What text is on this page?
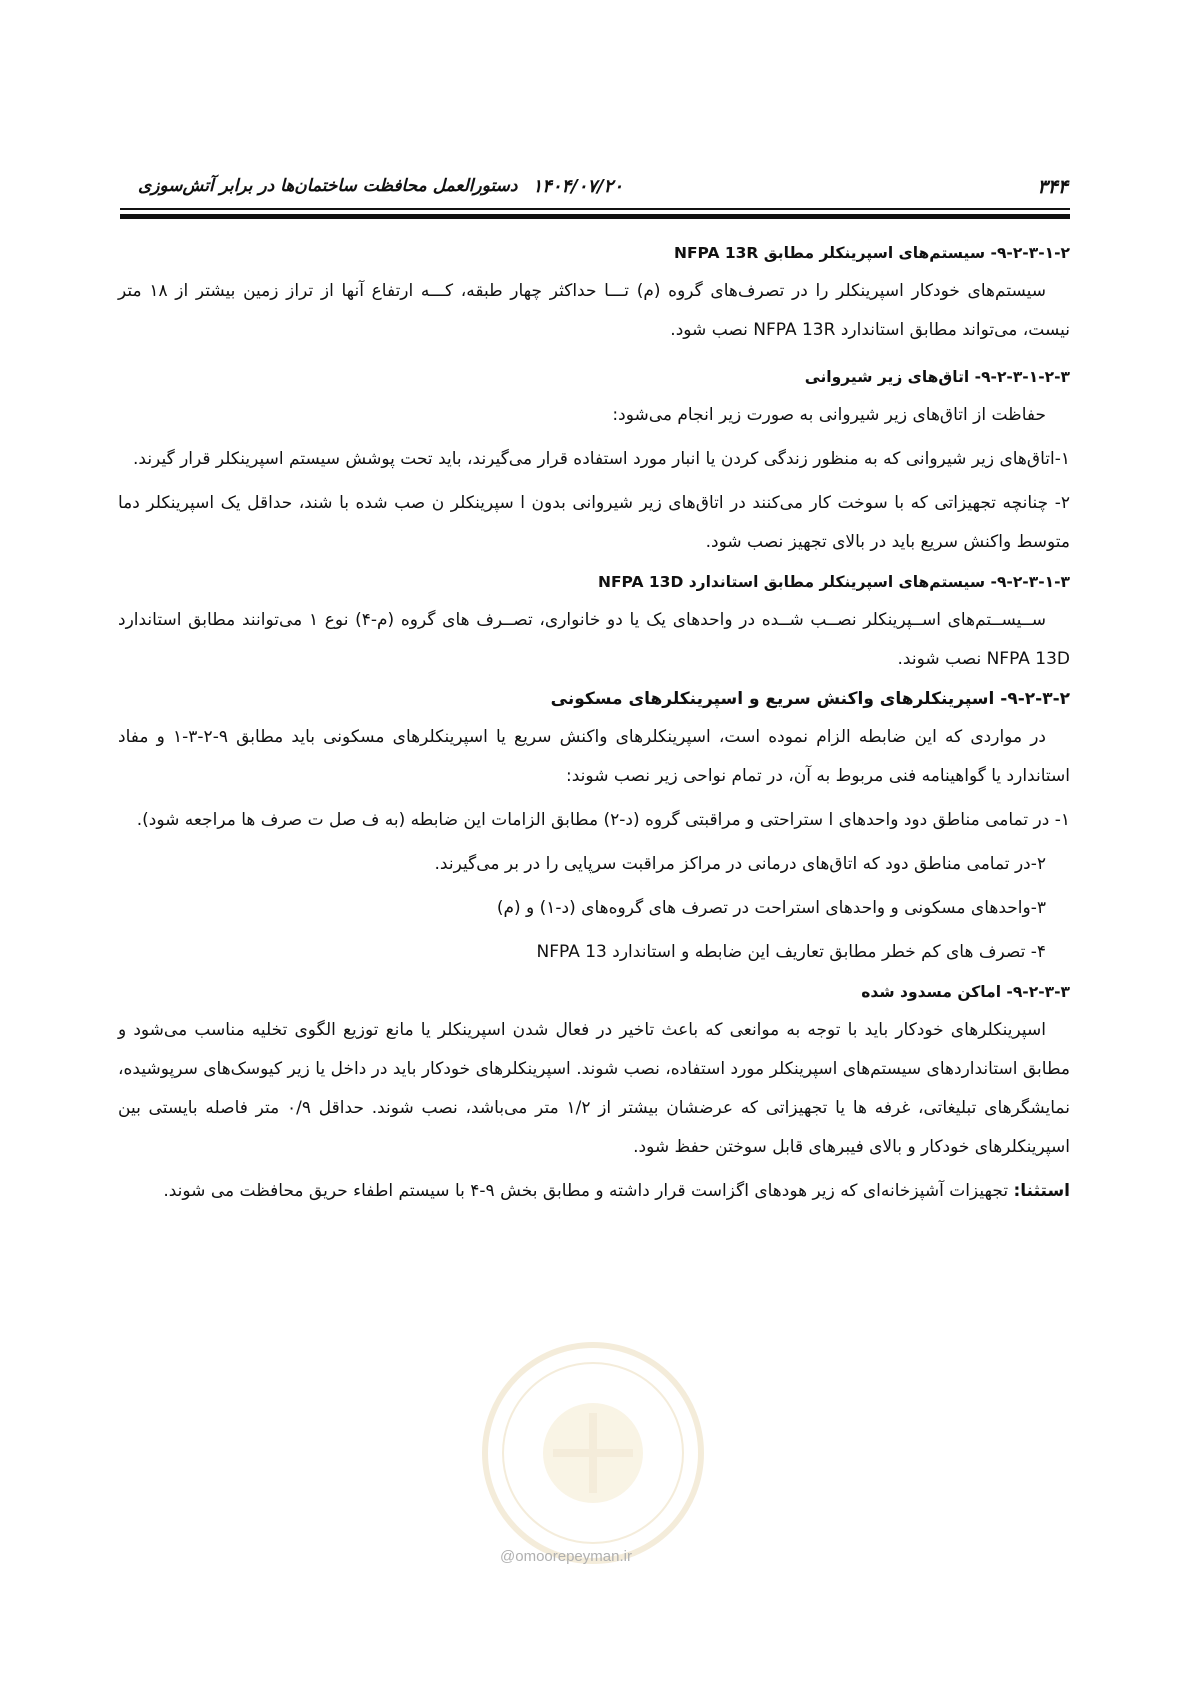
۳۴۴
۱۴۰۴/۰۷/۲۰
دستورالعمل محافظت ساختمان‌ها در برابر آتش‌سوزی
۹-۲-۳-۱-۲- سیستم‌های اسپرینکلر مطابق NFPA 13R

سیستم‌های خودکار اسپرینکلر را در تصرف‌های گروه (م) تـــا حداکثر چهار طبقه، کـــه ارتفاع آنها از تراز زمین بیشتر از ۱۸ متر نیست، می‌تواند مطابق استاندارد NFPA 13R نصب شود.

۹-۲-۳-۱-۲-۳- اتاق‌های زیر شیروانی

حفاظت از اتاق‌های زیر شیروانی به صورت زیر انجام می‌شود:

۱-اتاق‌های زیر شیروانی که به منظور زندگی کردن یا انبار مورد استفاده قرار می‌گیرند، باید تحت پوشش سیستم اسپرینکلر قرار گیرند.

۲- چنانچه تجهیزاتی که با سوخت کار می‌کنند در اتاق‌های زیر شیروانی بدون ا سپرینکلر ن صب شده با شند، حداقل یک اسپرینکلر دما متوسط واکنش سریع باید در بالای تجهیز نصب شود.

۹-۲-۳-۱-۳- سیستم‌های اسپرینکلر مطابق استاندارد NFPA 13D

ســیســتم‌های اســپرینکلر نصــب شــده در واحدهای یک یا دو خانواری، تصــرف های گروه (م-۴) نوع ۱ می‌توانند مطابق استاندارد NFPA 13D نصب شوند.

۹-۲-۳-۲- اسپرینکلرهای واکنش سریع و اسپرینکلرهای مسکونی

در مواردی که این ضابطه الزام نموده است، اسپرینکلرهای واکنش سریع یا اسپرینکلرهای مسکونی باید مطابق ۹-۲-۳-۱ و مفاد استاندارد یا گواهینامه فنی مربوط به آن، در تمام نواحی زیر نصب شوند:

۱- در تمامی مناطق دود واحدهای ا ستراحتی و مراقبتی گروه (د-۲) مطابق الزامات این ضابطه (به ف صل ت صرف ها مراجعه شود).

۲-در تمامی مناطق دود که اتاق‌های درمانی در مراکز مراقبت سرپایی را در بر می‌گیرند.

۳-واحدهای مسکونی و واحدهای استراحت در تصرف های گروه‌های (د-۱) و (م)

۴- تصرف های کم خطر مطابق تعاریف این ضابطه و استاندارد NFPA 13

۹-۲-۳-۳- اماکن مسدود شده

اسپرینکلرهای خودکار باید با توجه به موانعی که باعث تاخیر در فعال شدن اسپرینکلر یا مانع توزیع الگوی تخلیه مناسب می‌شود و مطابق استانداردهای سیستم‌های اسپرینکلر مورد استفاده، نصب شوند. اسپرینکلرهای خودکار باید در داخل یا زیر کیوسک‌های سرپوشیده، نمایشگرهای تبلیغاتی، غرفه ها یا تجهیزاتی که عرضشان بیشتر از ۱/۲ متر می‌باشد، نصب شوند. حداقل ۰/۹ متر فاصله بایستی بین اسپرینکلرهای خودکار و بالای فیبرهای قابل سوختن حفظ شود.

استثنا: تجهیزات آشپزخانه‌ای که زیر هودهای اگزاست قرار داشته و مطابق بخش ۹-۴ با سیستم اطفاء حریق محافظت می شوند.

@omoorepeyman.ir
